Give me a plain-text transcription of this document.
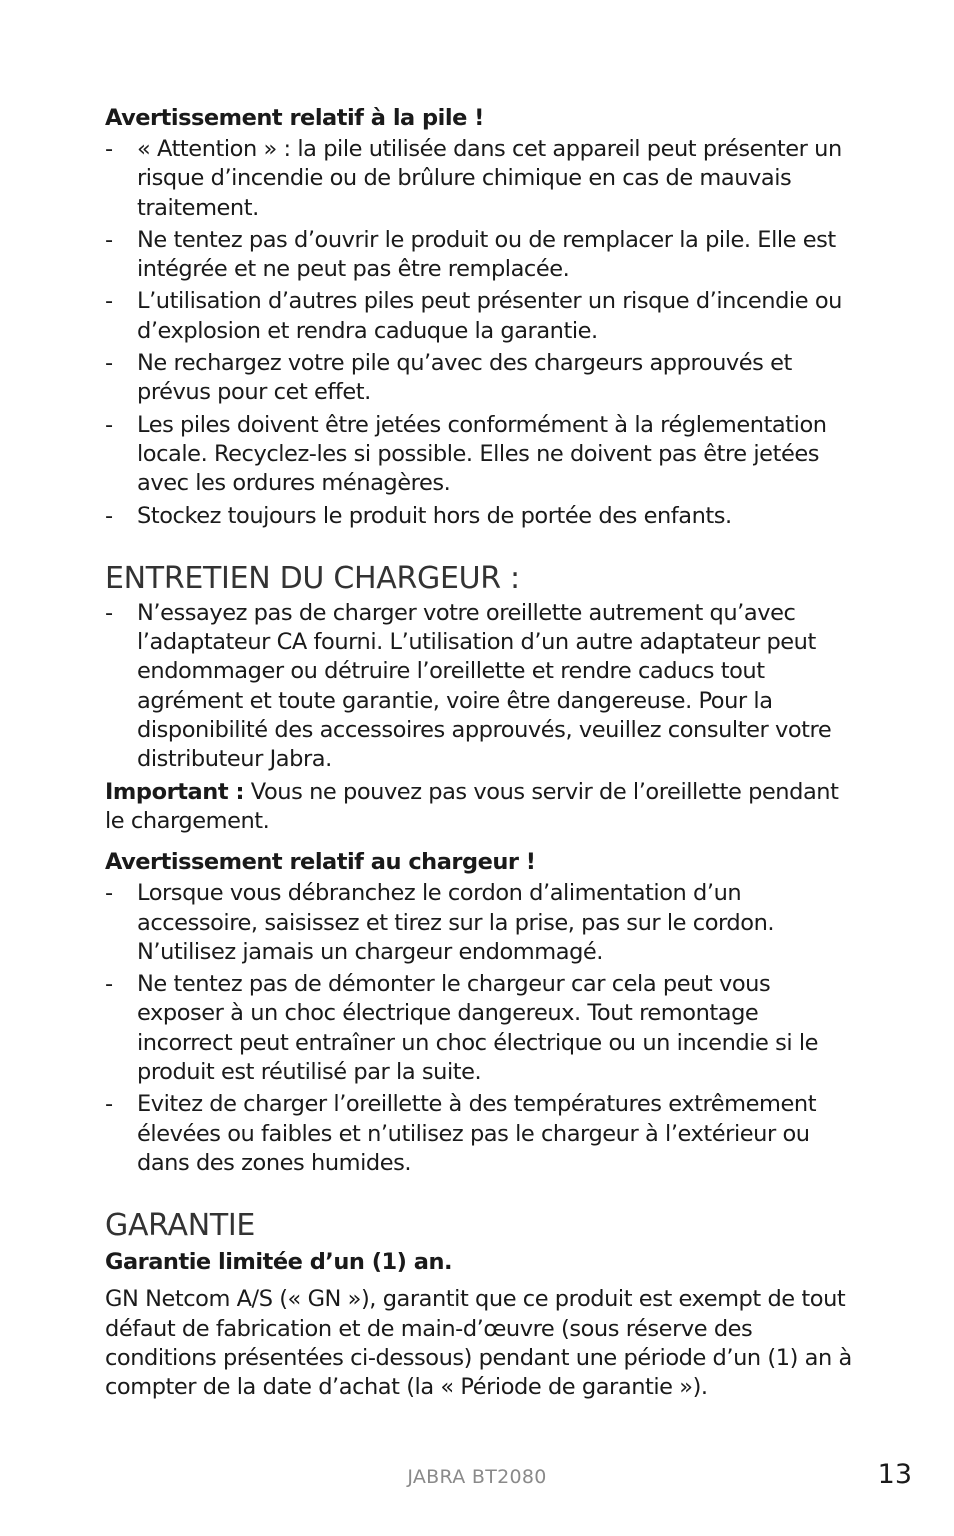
Avertissement relatif à la pile !

- « Attention » : la pile utilisée dans cet appareil peut présenter un risque d’incendie ou de brûlure chimique en cas de mauvais traitement.
- Ne tentez pas d’ouvrir le produit ou de remplacer la pile. Elle est intégrée et ne peut pas être remplacée.
- L’utilisation d’autres piles peut présenter un risque d’incendie ou d’explosion et rendra caduque la garantie.
- Ne rechargez votre pile qu’avec des chargeurs approuvés et prévus pour cet effet.
- Les piles doivent être jetées conformément à la réglementation locale. Recyclez-les si possible. Elles ne doivent pas être jetées avec les ordures ménagères.
- Stockez toujours le produit hors de portée des enfants.
ENTRETIEN DU CHARGEUR :
- N’essayez pas de charger votre oreillette autrement qu’avec l’adaptateur CA fourni. L’utilisation d’un autre adaptateur peut endommager ou détruire l’oreillette et rendre caducs tout agrément et toute garantie, voire être dangereuse. Pour la disponibilité des accessoires approuvés, veuillez consulter votre distributeur Jabra.

Important : Vous ne pouvez pas vous servir de l’oreillette pendant le chargement.

Avertissement relatif au chargeur !

- Lorsque vous débranchez le cordon d’alimentation d’un accessoire, saisissez et tirez sur la prise, pas sur le cordon. N’utilisez jamais un chargeur endommagé.
- Ne tentez pas de démonter le chargeur car cela peut vous exposer à un choc électrique dangereux. Tout remontage incorrect peut entraîner un choc électrique ou un incendie si le produit est réutilisé par la suite.
- Evitez de charger l’oreillette à des températures extrêmement élevées ou faibles et n’utilisez pas le chargeur à l’extérieur ou dans des zones humides.
GARANTIE

Garantie limitée d’un (1) an.

GN Netcom A/S (« GN »), garantit que ce produit est exempt de tout défaut de fabrication et de main-d’œuvre (sous réserve des conditions présentées ci-dessous) pendant une période d’un (1) an à compter de la date d’achat (la « Période de garantie »).

JABRA BT2080	13
